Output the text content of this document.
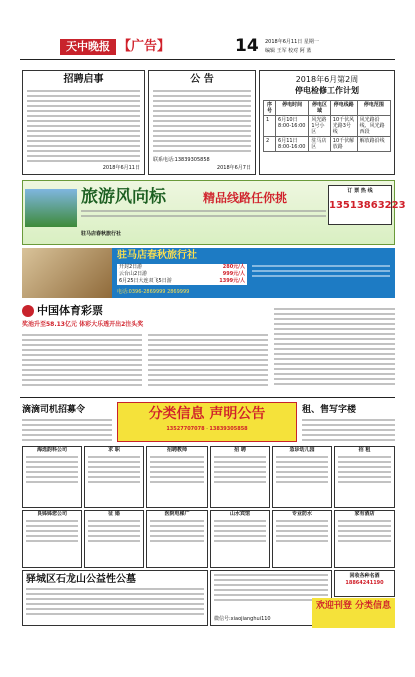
天中晚报 【广告】	14	2018年6月11日 星期一
编辑 王军 校对 阿 蓝
招聘启事
2018年6月11日
公 告
联系电话:13839305858
2018年6月7日
2018年6月第2周
停电检修工作计划
序号	停电时间	停电区域	停电线路	停电范围
1	6月10日 8:00-16:00	风光路1号小区	10千伏风光路3号线	风光路沿线、风光路西段
2	6月11日 8:00-16:00	驻马店区	10千伏解放路	解放路沿线
旅游风向标	精品线路任你挑	订 票 热 线
13513863223
驻马店春秋旅行社
驻马店春秋旅行社
开封2日游	280元/人
云台山2日游	999元/人
6月25日大连双飞5日游	1399元/人
电话:0396-2869999 2869999
中国体育彩票
奖池升至58.13亿元 体彩大乐透开出2注头奖
滴滴司机招募令	分类信息 声明公告
13527707078 · 13839305858
租、售写字楼
海选韵科公司	求 职	招聘教师	招 聘	急诊幼儿园	招 租
良姊姊您公司	征 婚	医院电梯广	山水宾馆	专业防水	家有酒店
驿城区石龙山公益性公墓
微信号:xiaojianghui110
回收各种名酒
18864241190
欢迎刊登 分类信息
